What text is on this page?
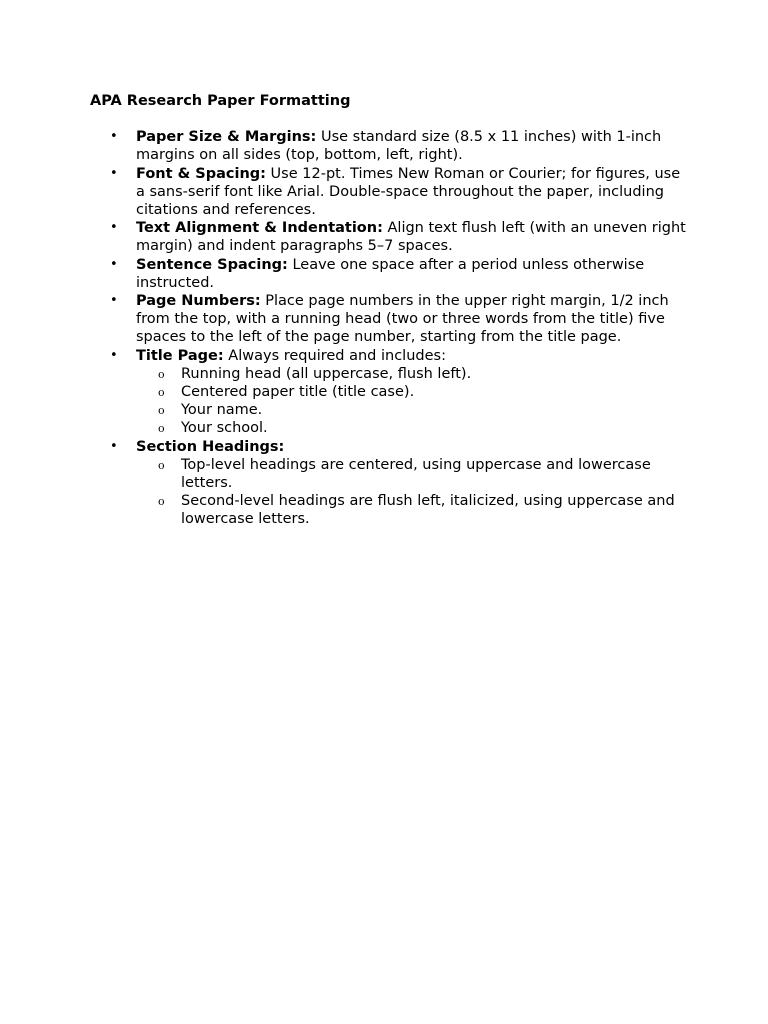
APA Research Paper Formatting
• Paper Size & Margins: Use standard size (8.5 x 11 inches) with 1-inch margins on all sides (top, bottom, left, right).
• Font & Spacing: Use 12-pt. Times New Roman or Courier; for figures, use a sans-serif font like Arial. Double-space throughout the paper, including citations and references.
• Text Alignment & Indentation: Align text flush left (with an uneven right margin) and indent paragraphs 5–7 spaces.
• Sentence Spacing: Leave one space after a period unless otherwise instructed.
• Page Numbers: Place page numbers in the upper right margin, 1/2 inch from the top, with a running head (two or three words from the title) five spaces to the left of the page number, starting from the title page.
• Title Page: Always required and includes:
o Running head (all uppercase, flush left).
o Centered paper title (title case).
o Your name.
o Your school.
• Section Headings:
o Top-level headings are centered, using uppercase and lowercase letters.
o Second-level headings are flush left, italicized, using uppercase and lowercase letters.
